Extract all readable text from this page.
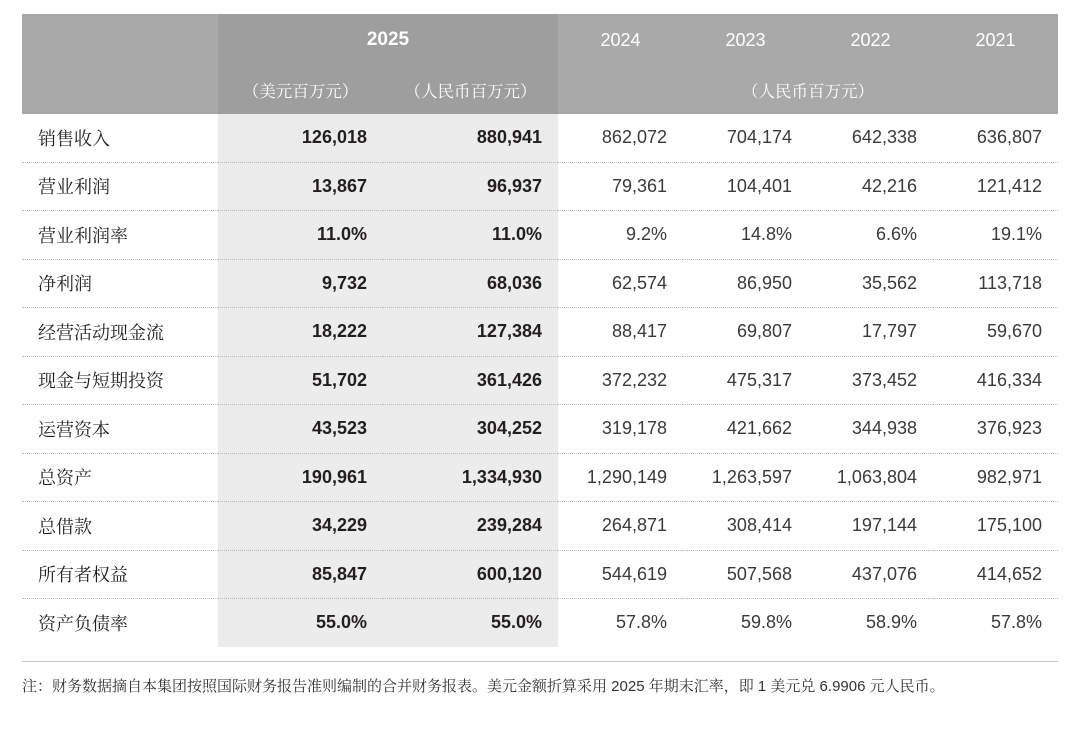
	2025		2024	2023	2022	2021
	（美元百万元）	（人民币百万元）	（人民币百万元）			
销售收入	126,018	880,941	862,072	704,174	642,338	636,807
营业利润	13,867	96,937	79,361	104,401	42,216	121,412
营业利润率	11.0%	11.0%	9.2%	14.8%	6.6%	19.1%
净利润	9,732	68,036	62,574	86,950	35,562	113,718
经营活动现金流	18,222	127,384	88,417	69,807	17,797	59,670
现金与短期投资	51,702	361,426	372,232	475,317	373,452	416,334
运营资本	43,523	304,252	319,178	421,662	344,938	376,923
总资产	190,961	1,334,930	1,290,149	1,263,597	1,063,804	982,971
总借款	34,229	239,284	264,871	308,414	197,144	175,100
所有者权益	85,847	600,120	544,619	507,568	437,076	414,652
资产负债率	55.0%	55.0%	57.8%	59.8%	58.9%	57.8%
注：财务数据摘自本集团按照国际财务报告准则编制的合并财务报表。美元金额折算采用 2025 年期末汇率，即 1 美元兑 6.9906 元人民币。
